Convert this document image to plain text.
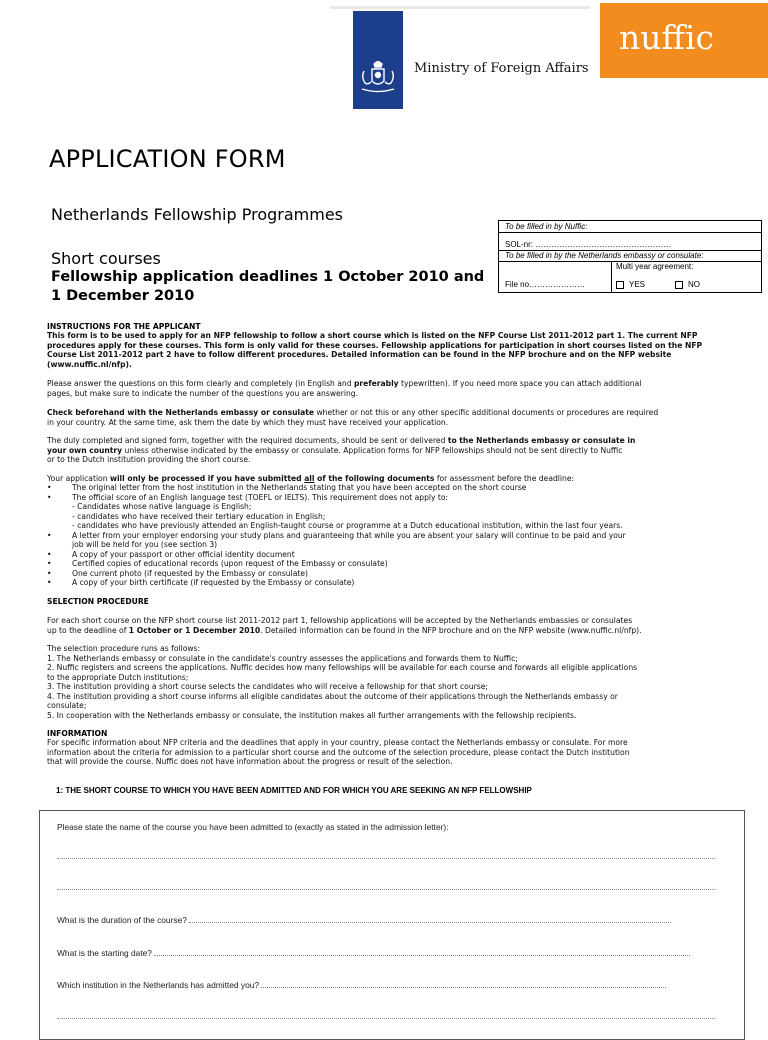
Ministry of Foreign Affairs
nuffic
APPLICATION FORM
Netherlands Fellowship Programmes
Short courses
Fellowship application deadlines 1 October 2010 and
1 December 2010
To be filled in by Nuffic:
SOL-nr: ……………………………………………
To be filled in by the Netherlands embassy or consulate:
File no…………………
Multi year agreement:
YES	NO
INSTRUCTIONS FOR THE APPLICANT
This form is to be used to apply for an NFP fellowship to follow a short course which is listed on the NFP Course List 2011-2012 part 1. The current NFP
procedures apply for these courses. This form is only valid for these courses. Fellowship applications for participation in short courses listed on the NFP
Course List 2011-2012 part 2 have to follow different procedures. Detailed information can be found in the NFP brochure and on the NFP website
(www.nuffic.nl/nfp).
Please answer the questions on this form clearly and completely (in English and preferably typewritten). If you need more space you can attach additional
pages, but make sure to indicate the number of the questions you are answering.
Check beforehand with the Netherlands embassy or consulate whether or not this or any other specific additional documents or procedures are required
in your country. At the same time, ask them the date by which they must have received your application.
The duly completed and signed form, together with the required documents, should be sent or delivered to the Netherlands embassy or consulate in
your own country unless otherwise indicated by the embassy or consulate. Application forms for NFP fellowships should not be sent directly to Nuffic
or to the Dutch institution providing the short course.
Your application will only be processed if you have submitted all of the following documents for assessment before the deadline:
•	The original letter from the host institution in the Netherlands stating that you have been accepted on the short course
•	The official score of an English language test (TOEFL or IELTS). This requirement does not apply to:
- Candidates whose native language is English;
- candidates who have received their tertiary education in English;
- candidates who have previously attended an English-taught course or programme at a Dutch educational institution, within the last four years.
•	A letter from your employer endorsing your study plans and guaranteeing that while you are absent your salary will continue to be paid and your
job will be held for you (see section 3)
•	A copy of your passport or other official identity document
•	Certified copies of educational records (upon request of the Embassy or consulate)
•	One current photo (if requested by the Embassy or consulate)
•	A copy of your birth certificate (if requested by the Embassy or consulate)
SELECTION PROCEDURE
For each short course on the NFP short course list 2011-2012 part 1, fellowship applications will be accepted by the Netherlands embassies or consulates
up to the deadline of 1 October or 1 December 2010. Detailed information can be found in the NFP brochure and on the NFP website (www.nuffic.nl/nfp).
The selection procedure runs as follows:
1. The Netherlands embassy or consulate in the candidate's country assesses the applications and forwards them to Nuffic;
2. Nuffic registers and screens the applications. Nuffic decides how many fellowships will be available for each course and forwards all eligible applications
to the appropriate Dutch institutions;
3. The institution providing a short course selects the candidates who will receive a fellowship for that short course;
4. The institution providing a short course informs all eligible candidates about the outcome of their applications through the Netherlands embassy or
consulate;
5. In cooperation with the Netherlands embassy or consulate, the institution makes all further arrangements with the fellowship recipients.
INFORMATION
For specific information about NFP criteria and the deadlines that apply in your country, please contact the Netherlands embassy or consulate. For more
information about the criteria for admission to a particular short course and the outcome of the selection procedure, please contact the Dutch institution
that will provide the course. Nuffic does not have information about the progress or result of the selection.
1: THE SHORT COURSE TO WHICH YOU HAVE BEEN ADMITTED AND FOR WHICH YOU ARE SEEKING AN NFP FELLOWSHIP
Please state the name of the course you have been admitted to (exactly as stated in the admission letter):
What is the duration of the course?
What is the starting date?
Which institution in the Netherlands has admitted you?
